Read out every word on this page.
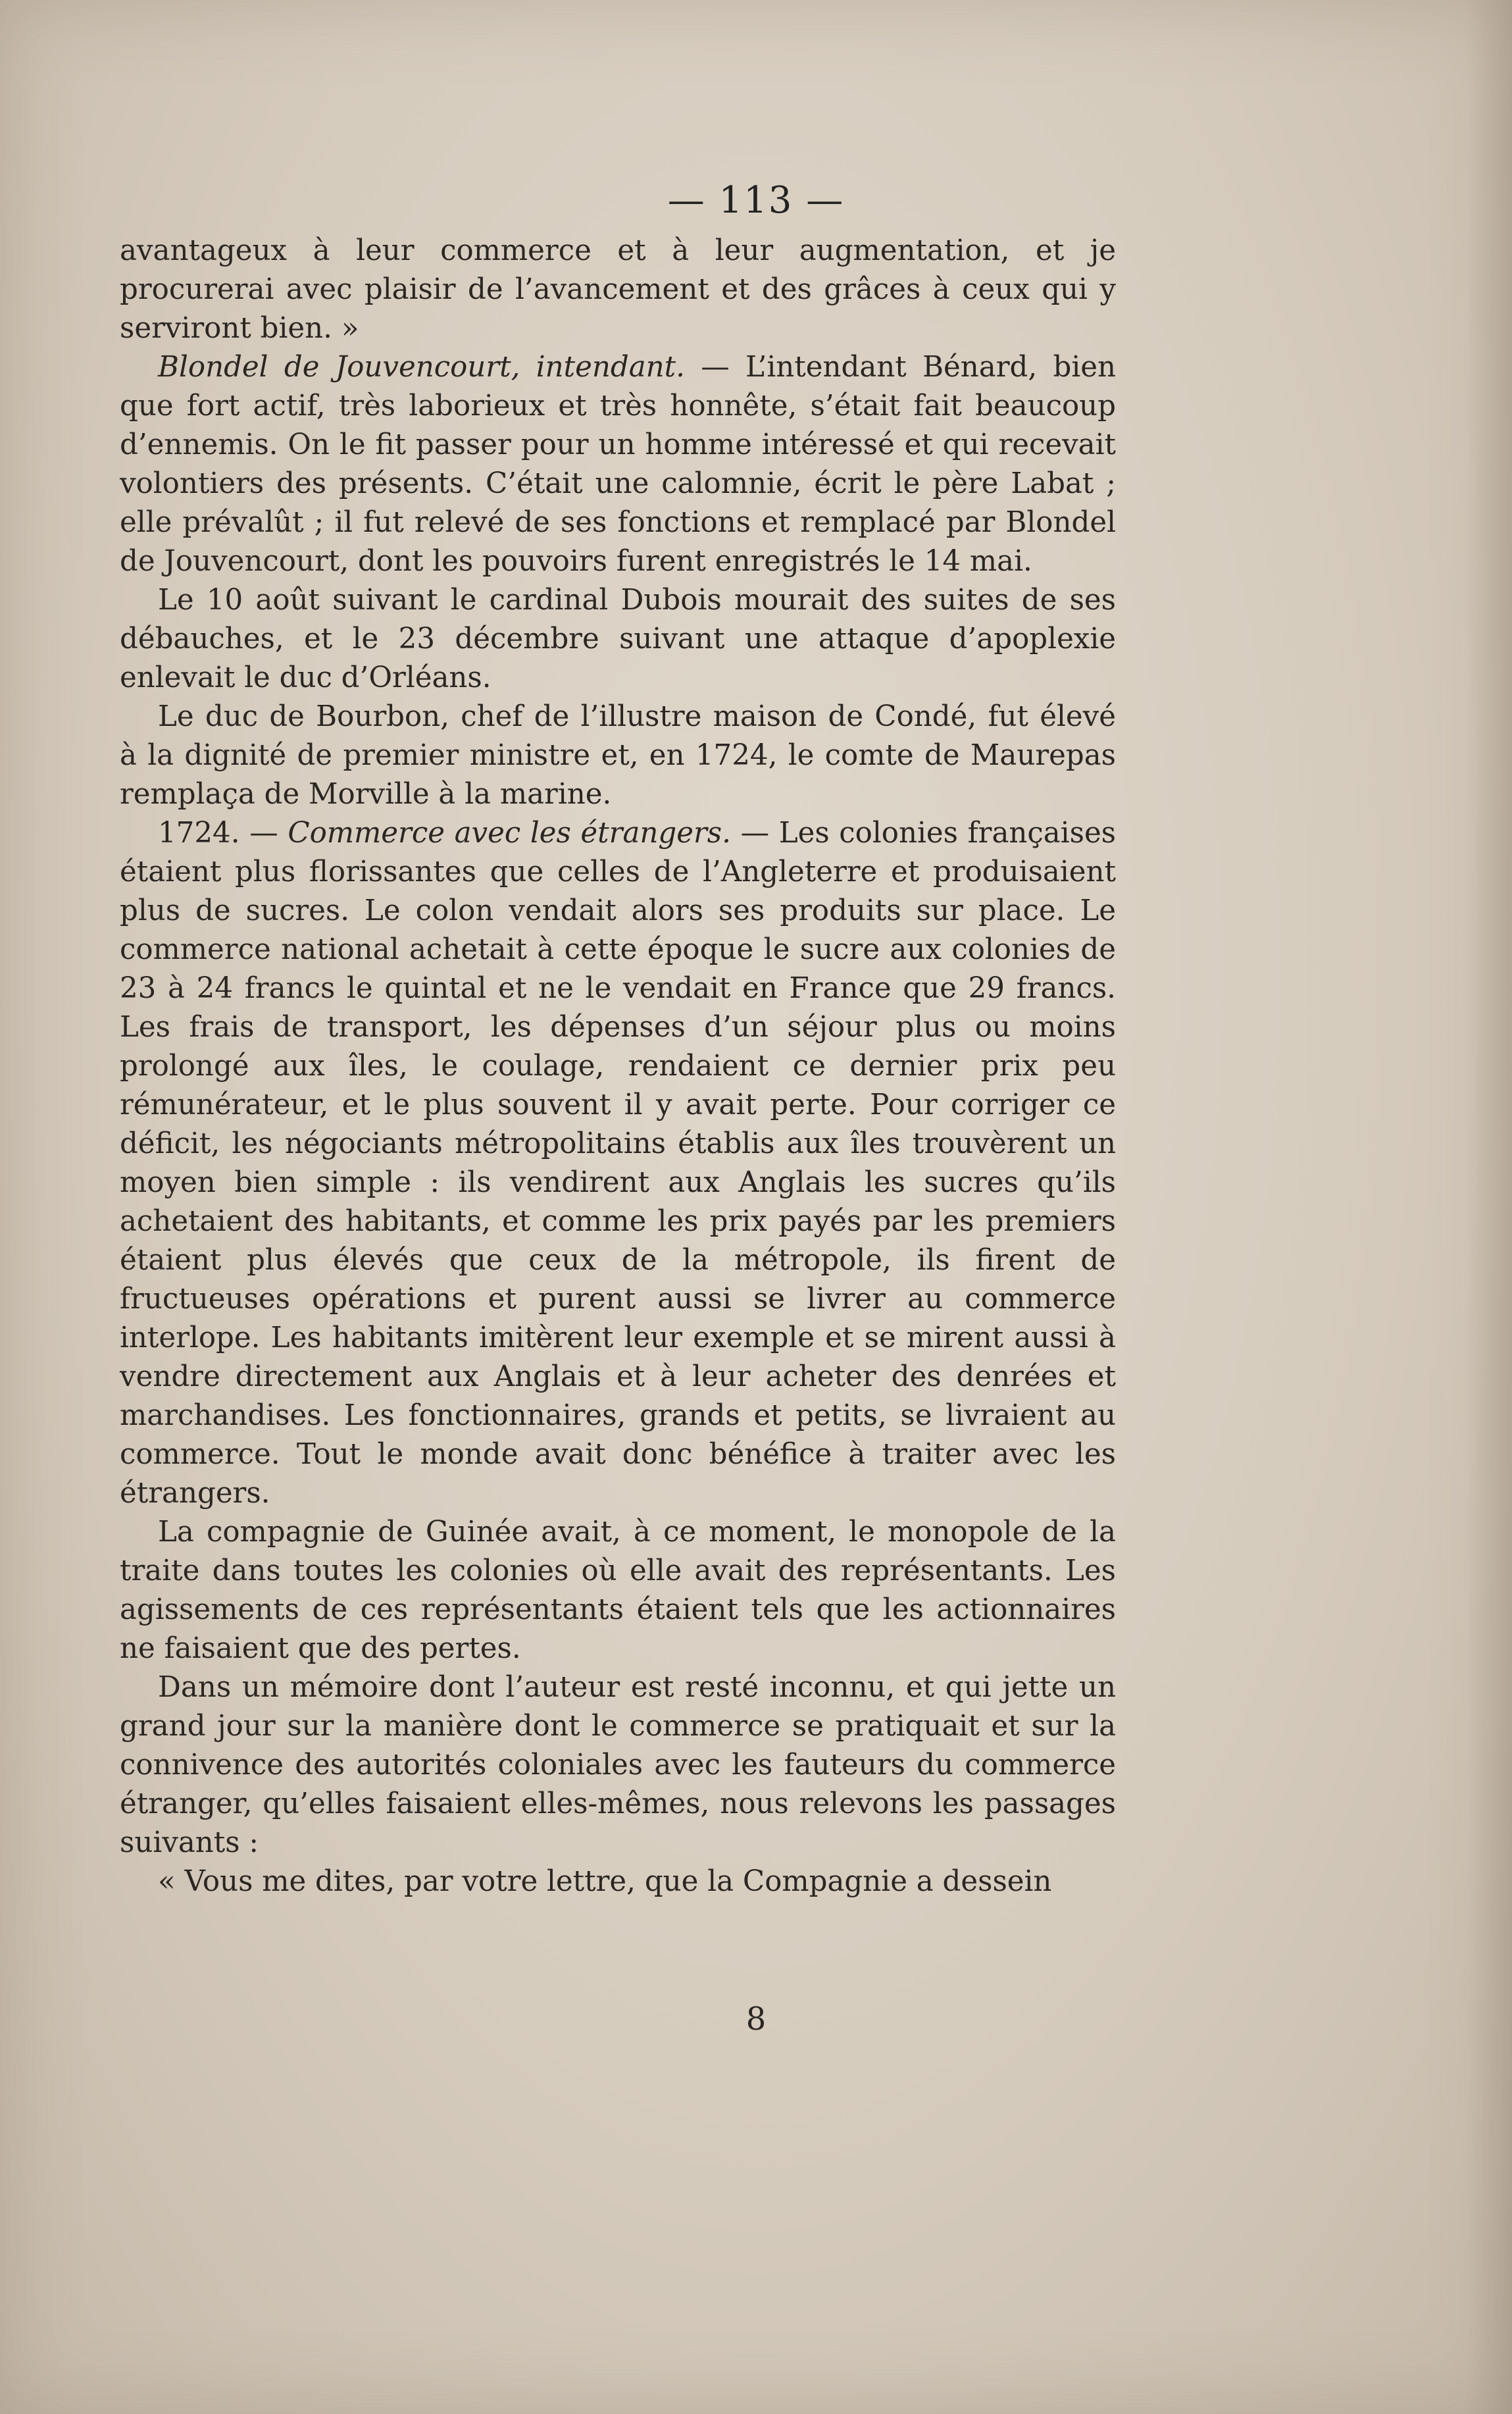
— 113 —

avantageux à leur commerce et à leur augmentation, et je procurerai avec plaisir de l’avancement et des grâces à ceux qui y serviront bien. »

Blondel de Jouvencourt, intendant. — L’intendant Bénard, bien que fort actif, très laborieux et très honnête, s’était fait beaucoup d’ennemis. On le fit passer pour un homme intéressé et qui recevait volontiers des présents. C’était une calomnie, écrit le père Labat ; elle prévalût ; il fut relevé de ses fonctions et remplacé par Blondel de Jouvencourt, dont les pouvoirs furent enregistrés le 14 mai.

Le 10 août suivant le cardinal Dubois mourait des suites de ses débauches, et le 23 décembre suivant une attaque d’apoplexie enlevait le duc d’Orléans.

Le duc de Bourbon, chef de l’illustre maison de Condé, fut élevé à la dignité de premier ministre et, en 1724, le comte de Maurepas remplaça de Morville à la marine.

1724. — Commerce avec les étrangers. — Les colonies françaises étaient plus florissantes que celles de l’Angleterre et produisaient plus de sucres. Le colon vendait alors ses produits sur place. Le commerce national achetait à cette époque le sucre aux colonies de 23 à 24 francs le quintal et ne le vendait en France que 29 francs. Les frais de transport, les dépenses d’un séjour plus ou moins prolongé aux îles, le coulage, rendaient ce dernier prix peu rémunérateur, et le plus souvent il y avait perte. Pour corriger ce déficit, les négociants métropolitains établis aux îles trouvèrent un moyen bien simple : ils vendirent aux Anglais les sucres qu’ils achetaient des habitants, et comme les prix payés par les premiers étaient plus élevés que ceux de la métropole, ils firent de fructueuses opérations et purent aussi se livrer au commerce interlope. Les habitants imitèrent leur exemple et se mirent aussi à vendre directement aux Anglais et à leur acheter des denrées et marchandises. Les fonctionnaires, grands et petits, se livraient au commerce. Tout le monde avait donc bénéfice à traiter avec les étrangers.

La compagnie de Guinée avait, à ce moment, le monopole de la traite dans toutes les colonies où elle avait des représentants. Les agissements de ces représentants étaient tels que les actionnaires ne faisaient que des pertes.

Dans un mémoire dont l’auteur est resté inconnu, et qui jette un grand jour sur la manière dont le commerce se pratiquait et sur la connivence des autorités coloniales avec les fauteurs du commerce étranger, qu’elles faisaient elles-mêmes, nous relevons les passages suivants :

« Vous me dites, par votre lettre, que la Compagnie a dessein

8
